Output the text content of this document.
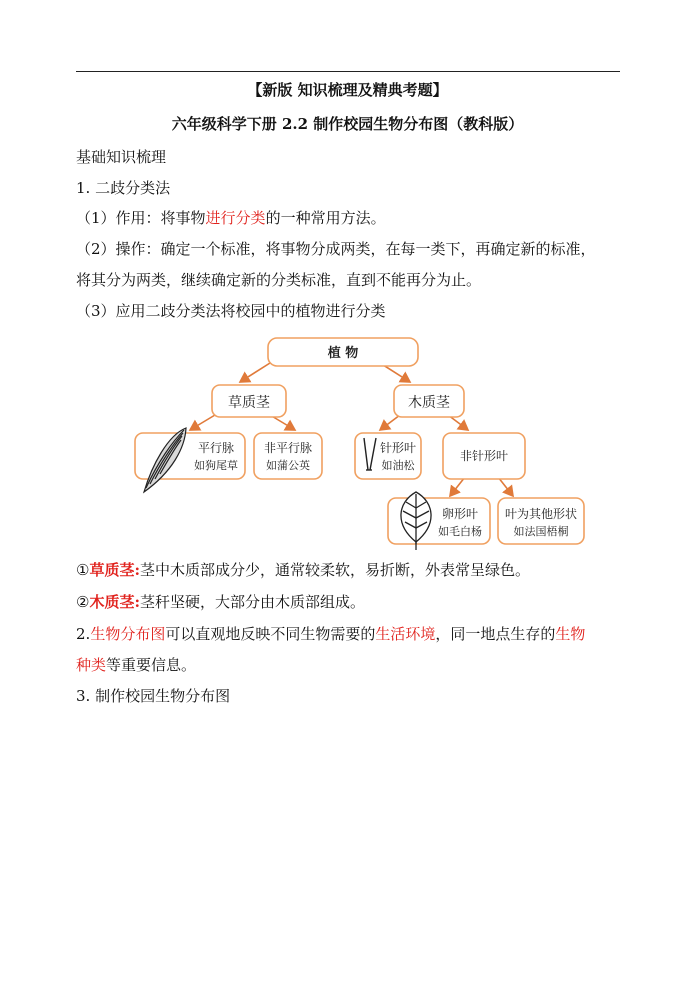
【新版 知识梳理及精典考题】
六年级科学下册 2.2 制作校园生物分布图（教科版）
基础知识梳理
1. 二歧分类法
（1）作用：将事物进行分类的一种常用方法。
（2）操作：确定一个标准，将事物分成两类，在每一类下，再确定新的标准，
将其分为两类，继续确定新的分类标准，直到不能再分为止。
（3）应用二歧分类法将校园中的植物进行分类
植 物
草质茎	木质茎
平行脉
如狗尾草
非平行脉
如蒲公英
针形叶
如油松
非针形叶
卵形叶
如毛白杨
叶为其他形状
如法国梧桐
①草质茎:茎中木质部成分少，通常较柔软，易折断，外表常呈绿色。
②木质茎:茎秆坚硬，大部分由木质部组成。
2.生物分布图可以直观地反映不同生物需要的生活环境，同一地点生存的生物
种类等重要信息。
3. 制作校园生物分布图
